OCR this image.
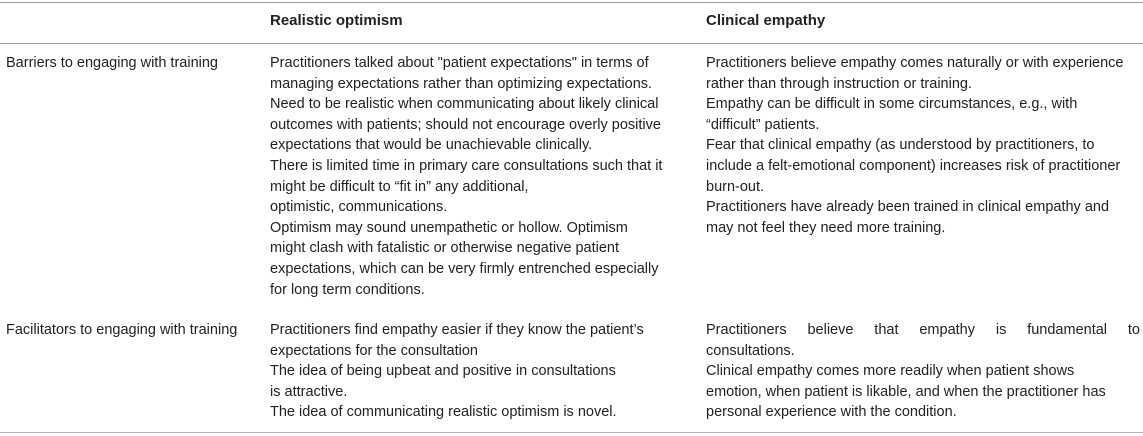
Realistic optimism	Clinical empathy
Barriers to engaging with training	Practitioners talked about "patient expectations" in terms of
managing expectations rather than optimizing expectations.
Need to be realistic when communicating about likely clinical
outcomes with patients; should not encourage overly positive
expectations that would be unachievable clinically.
There is limited time in primary care consultations such that it
might be difficult to “fit in” any additional,
optimistic, communications.
Optimism may sound unempathetic or hollow. Optimism
might clash with fatalistic or otherwise negative patient
expectations, which can be very firmly entrenched especially
for long term conditions.
Practitioners believe empathy comes naturally or with experience
rather than through instruction or training.
Empathy can be difficult in some circumstances, e.g., with
“difficult” patients.
Fear that clinical empathy (as understood by practitioners, to
include a felt-emotional component) increases risk of practitioner
burn-out.
Practitioners have already been trained in clinical empathy and
may not feel they need more training.
Facilitators to engaging with training Practitioners find empathy easier if they know the patient’s
expectations for the consultation
The idea of being upbeat and positive in consultations
is attractive.
The idea of communicating realistic optimism is novel.
Practitioners believe that empathy is fundamental to
consultations.
Clinical empathy comes more readily when patient shows
emotion, when patient is likable, and when the practitioner has
personal experience with the condition.
